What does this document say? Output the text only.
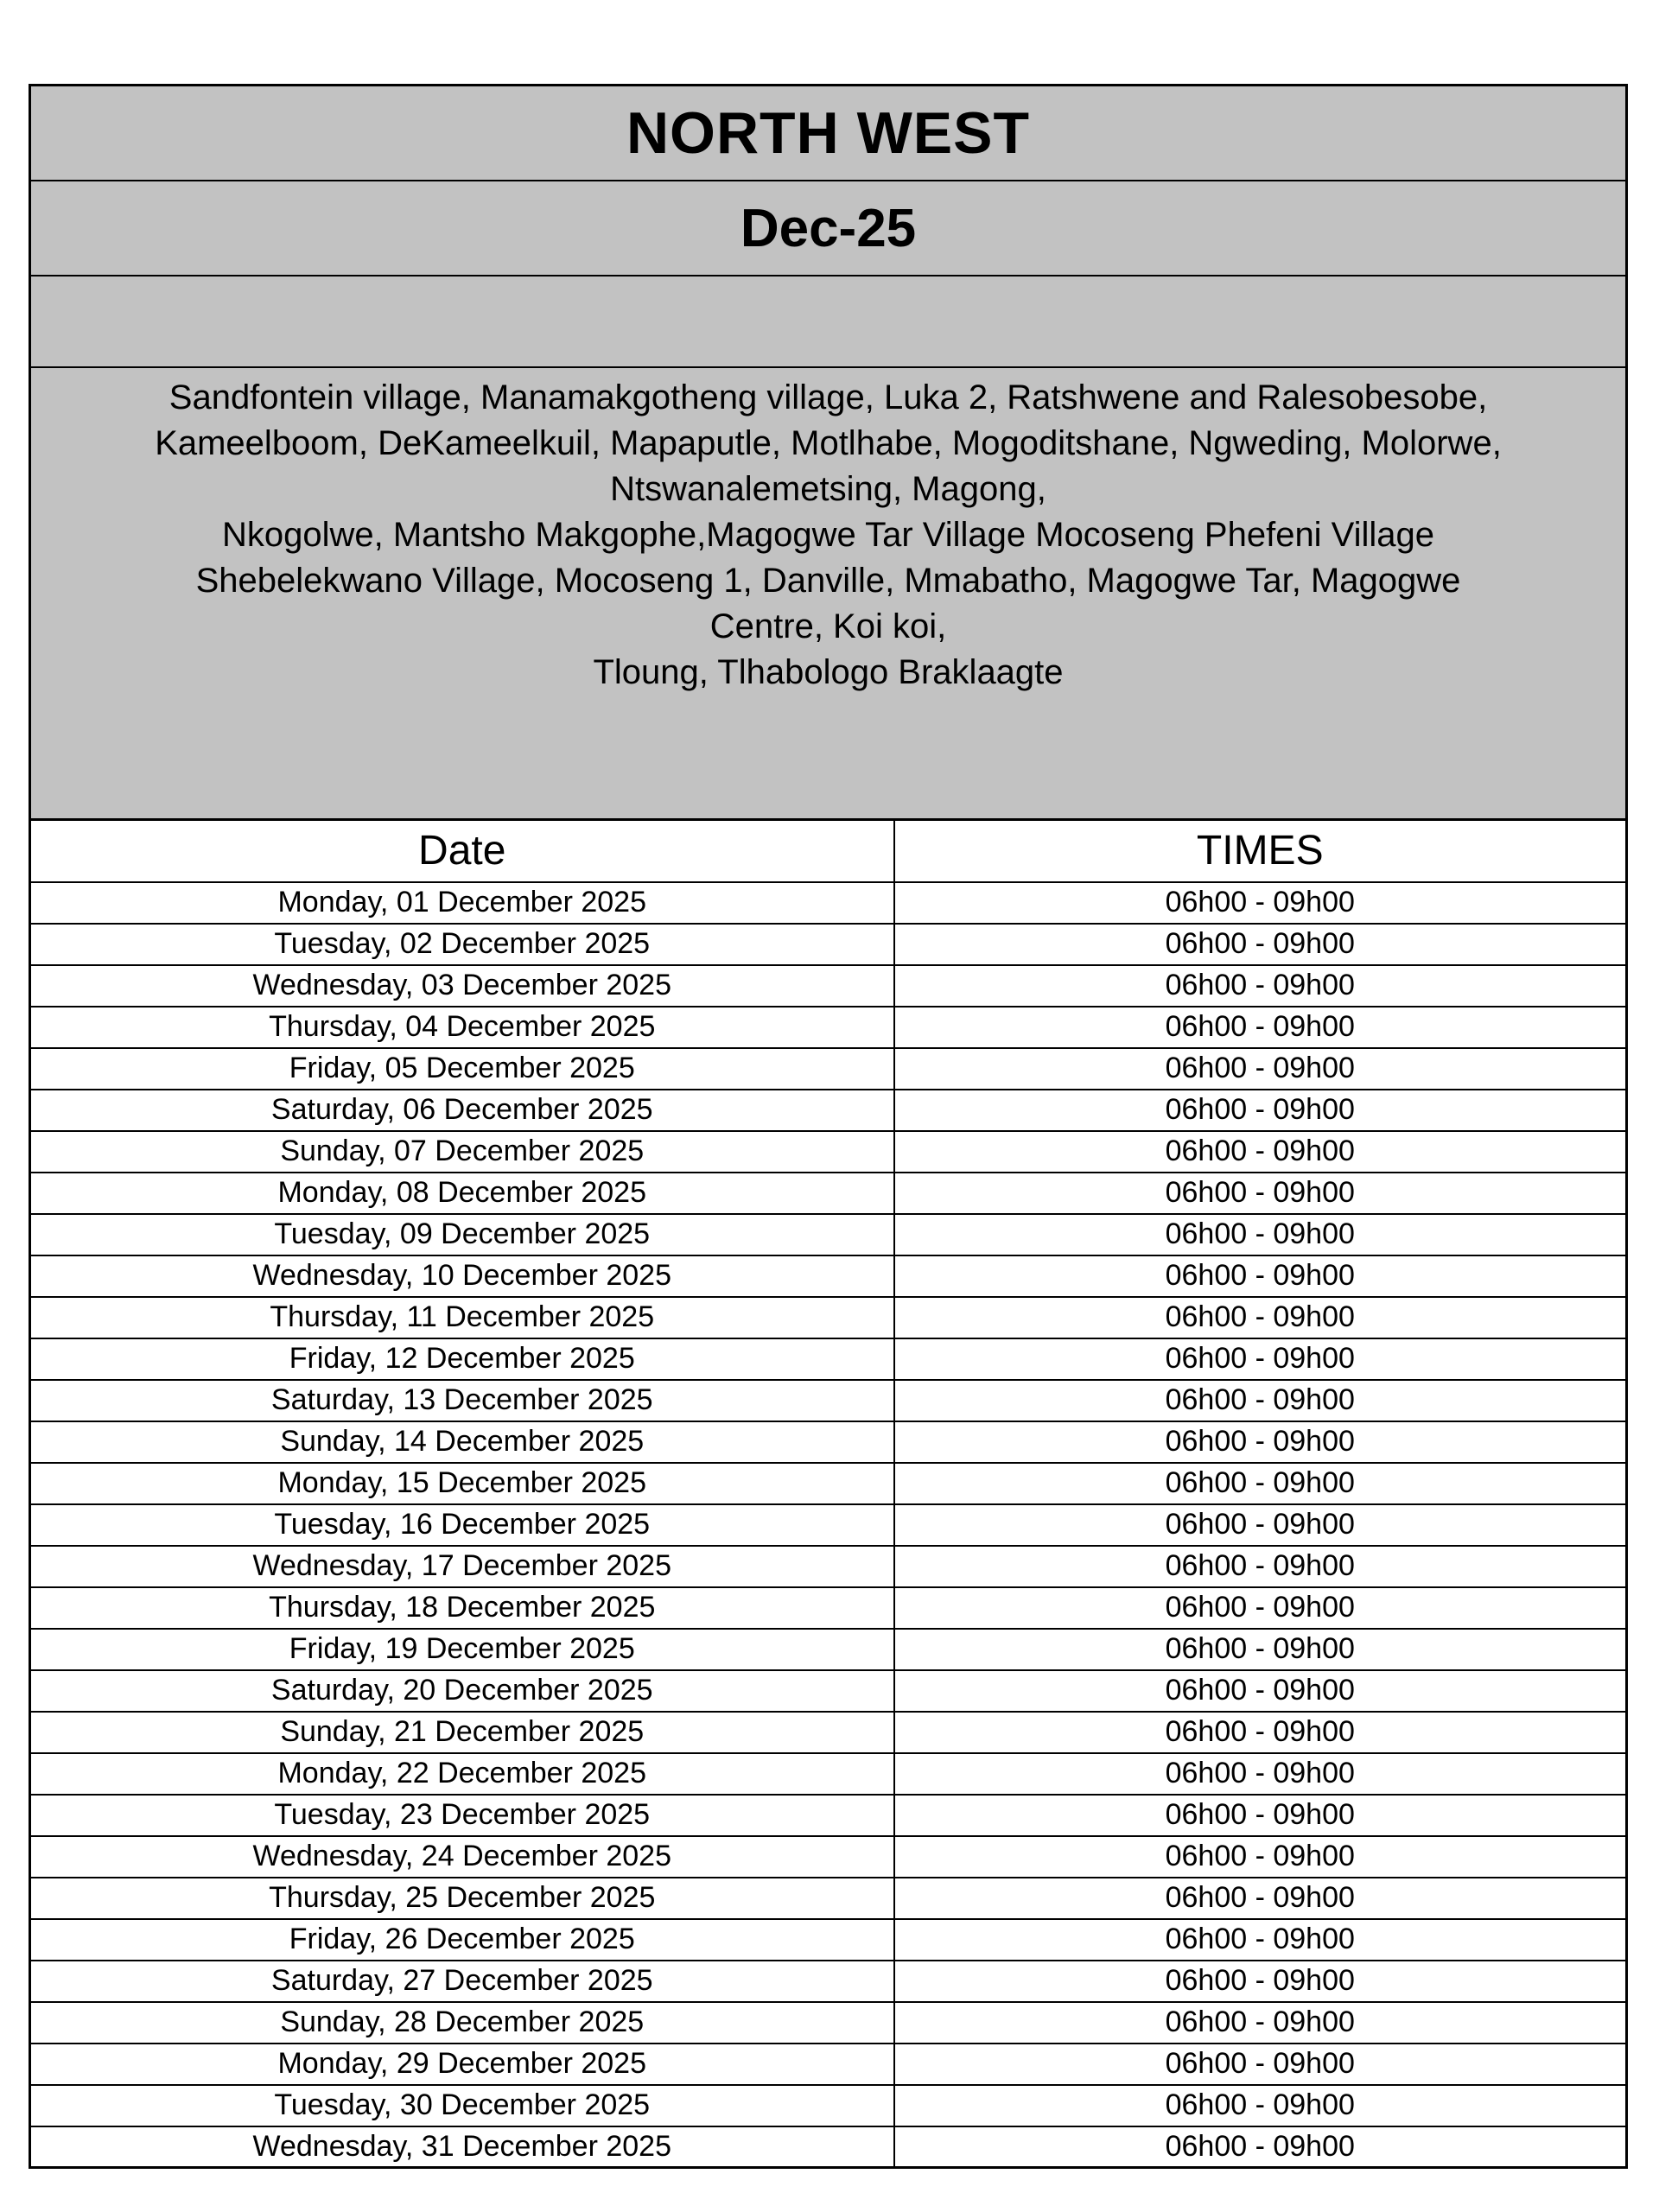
NORTH WEST
Dec-25
Sandfontein village, Manamakgotheng village, Luka 2, Ratshwene and Ralesobesobe,
Kameelboom, DeKameelkuil, Mapaputle, Motlhabe, Mogoditshane, Ngweding, Molorwe,
Ntswanalemetsing, Magong,
Nkogolwe, Mantsho Makgophe,Magogwe Tar Village Mocoseng Phefeni Village
Shebelekwano Village, Mocoseng 1, Danville, Mmabatho, Magogwe Tar, Magogwe
Centre, Koi koi,
Tloung, Tlhabologo Braklaagte
Date	TIMES
Monday, 01 December 2025	06h00 - 09h00
Tuesday, 02 December 2025	06h00 - 09h00
Wednesday, 03 December 2025	06h00 - 09h00
Thursday, 04 December 2025	06h00 - 09h00
Friday, 05 December 2025	06h00 - 09h00
Saturday, 06 December 2025	06h00 - 09h00
Sunday, 07 December 2025	06h00 - 09h00
Monday, 08 December 2025	06h00 - 09h00
Tuesday, 09 December 2025	06h00 - 09h00
Wednesday, 10 December 2025	06h00 - 09h00
Thursday, 11 December 2025	06h00 - 09h00
Friday, 12 December 2025	06h00 - 09h00
Saturday, 13 December 2025	06h00 - 09h00
Sunday, 14 December 2025	06h00 - 09h00
Monday, 15 December 2025	06h00 - 09h00
Tuesday, 16 December 2025	06h00 - 09h00
Wednesday, 17 December 2025	06h00 - 09h00
Thursday, 18 December 2025	06h00 - 09h00
Friday, 19 December 2025	06h00 - 09h00
Saturday, 20 December 2025	06h00 - 09h00
Sunday, 21 December 2025	06h00 - 09h00
Monday, 22 December 2025	06h00 - 09h00
Tuesday, 23 December 2025	06h00 - 09h00
Wednesday, 24 December 2025	06h00 - 09h00
Thursday, 25 December 2025	06h00 - 09h00
Friday, 26 December 2025	06h00 - 09h00
Saturday, 27 December 2025	06h00 - 09h00
Sunday, 28 December 2025	06h00 - 09h00
Monday, 29 December 2025	06h00 - 09h00
Tuesday, 30 December 2025	06h00 - 09h00
Wednesday, 31 December 2025	06h00 - 09h00
